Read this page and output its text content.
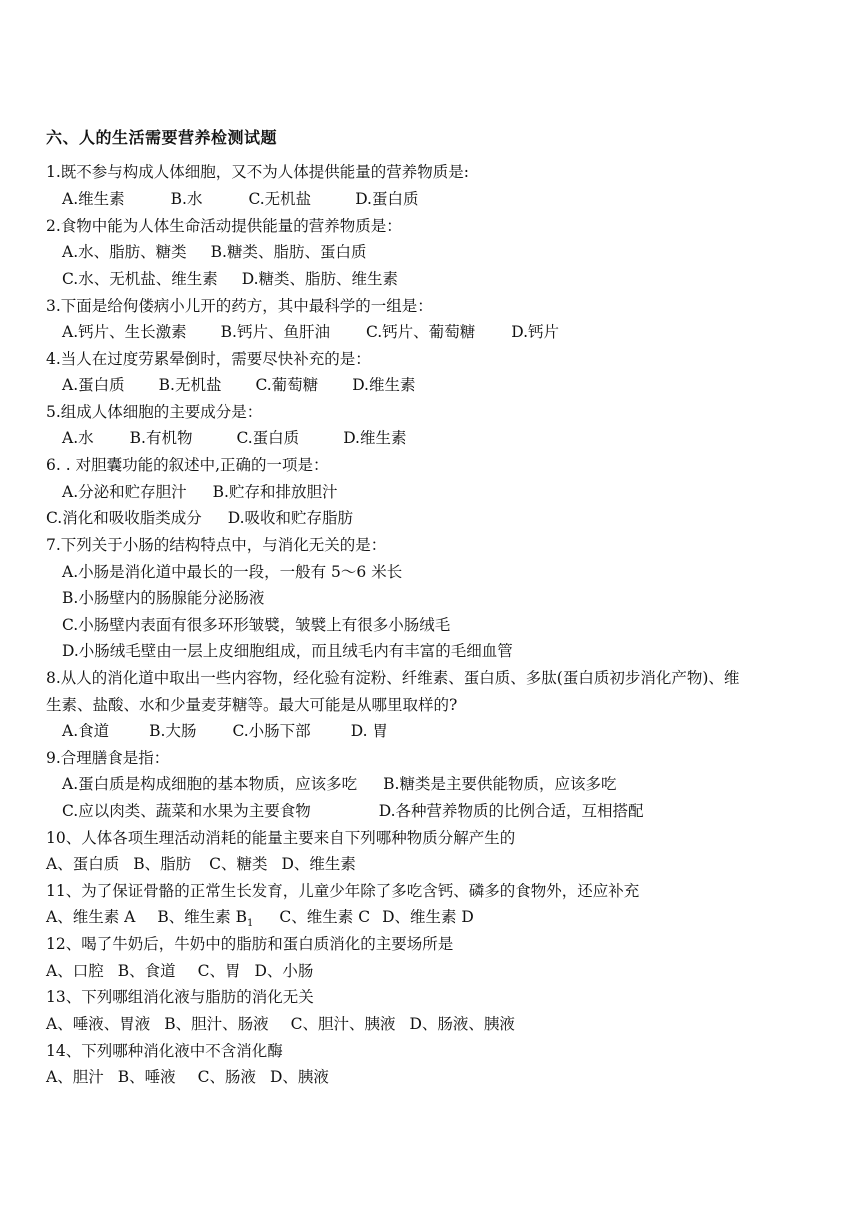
六、人的生活需要营养检测试题
1.既不参与构成人体细胞，又不为人体提供能量的营养物质是:
A.维生素	B.水	C.无机盐	D.蛋白质
2.食物中能为人体生命活动提供能量的营养物质是：
A.水、脂肪、糖类 B.糖类、脂肪、蛋白质
C.水、无机盐、维生素 D.糖类、脂肪、维生素
3.下面是给佝偻病小儿开的药方，其中最科学的一组是：
A.钙片、生长激素 B.钙片、鱼肝油 C.钙片、葡萄糖 D.钙片
4.当人在过度劳累晕倒时，需要尽快补充的是：
A.蛋白质 B.无机盐 C.葡萄糖 D.维生素
5.组成人体细胞的主要成分是：
A.水 B.有机物	C.蛋白质	D.维生素
6. . 对胆囊功能的叙述中,正确的一项是：
A.分泌和贮存胆汁 B.贮存和排放胆汁
C.消化和吸收脂类成分 D.吸收和贮存脂肪
7.下列关于小肠的结构特点中，与消化无关的是：
A.小肠是消化道中最长的一段，一般有 5～6 米长
B.小肠壁内的肠腺能分泌肠液
C.小肠壁内表面有很多环形皱襞，皱襞上有很多小肠绒毛
D.小肠绒毛壁由一层上皮细胞组成，而且绒毛内有丰富的毛细血管
8.从人的消化道中取出一些内容物，经化验有淀粉、纤维素、蛋白质、多肽(蛋白质初步消化产物)、维
生素、盐酸、水和少量麦芽糖等。最大可能是从哪里取样的?
A.食道	B.大肠 C.小肠下部	D. 胃
9.合理膳食是指：
A.蛋白质是构成细胞的基本物质，应该多吃 B.糖类是主要供能物质，应该多吃
C.应以肉类、蔬菜和水果为主要食物	D.各种营养物质的比例合适，互相搭配
10、人体各项生理活动消耗的能量主要来自下列哪种物质分解产生的
A、蛋白质 B、脂肪 C、糖类 D、维生素
11、为了保证骨骼的正常生长发育，儿童少年除了多吃含钙、磷多的食物外，还应补充
A、维生素 A B、维生素 $B_1$ C、维生素 C D、维生素 D
12、喝了牛奶后，牛奶中的脂肪和蛋白质消化的主要场所是
A、口腔 B、食道 C、胃 D、小肠
13、下列哪组消化液与脂肪的消化无关
A、唾液、胃液 B、胆汁、肠液 C、胆汁、胰液 D、肠液、胰液
14、下列哪种消化液中不含消化酶
A、胆汁 B、唾液 C、肠液 D、胰液
